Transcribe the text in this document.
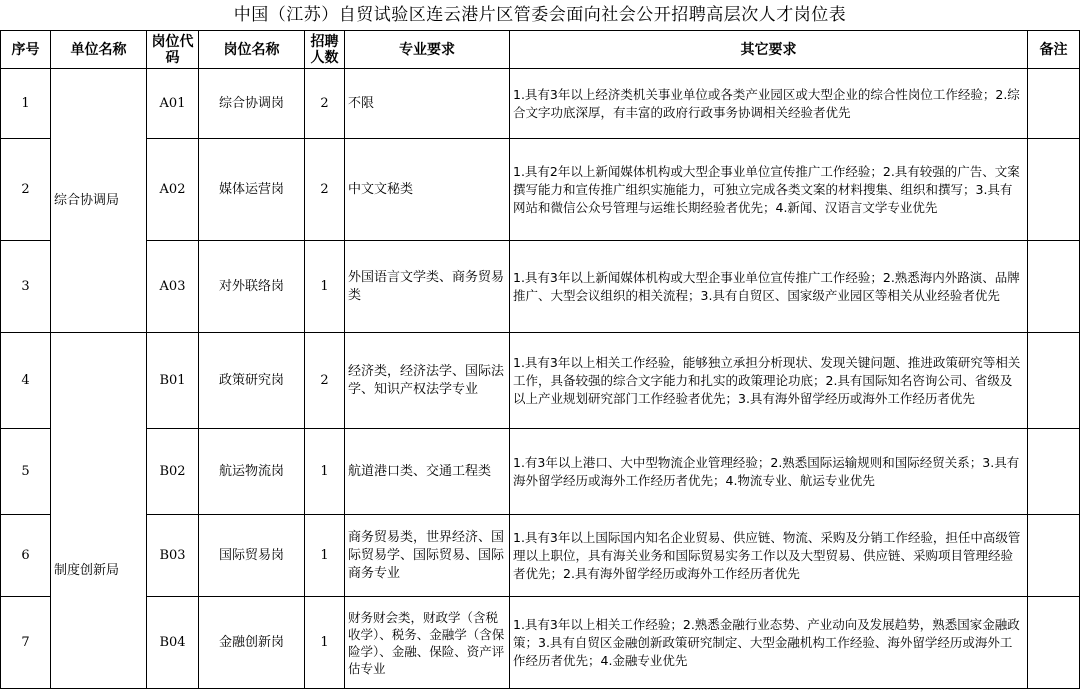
中国（江苏）自贸试验区连云港片区管委会面向社会公开招聘高层次人才岗位表
序号	单位名称	岗位代码	岗位名称	招聘人数	专业要求	其它要求	备注
1	综合协调局	A01	综合协调岗	2	不限	1.具有3年以上经济类机关事业单位或各类产业园区或大型企业的综合性岗位工作经验；2.综合文字功底深厚，有丰富的政府行政事务协调相关经验者优先	
2		A02	媒体运营岗	2	中文文秘类	1.具有2年以上新闻媒体机构或大型企事业单位宣传推广工作经验；2.具有较强的广告、文案撰写能力和宣传推广组织实施能力，可独立完成各类文案的材料搜集、组织和撰写；3.具有网站和微信公众号管理与运维长期经验者优先；4.新闻、汉语言文学专业优先	
3		A03	对外联络岗	1	外国语言文学类、商务贸易类	1.具有3年以上新闻媒体机构或大型企事业单位宣传推广工作经验；2.熟悉海内外路演、品牌推广、大型会议组织的相关流程；3.具有自贸区、国家级产业园区等相关从业经验者优先	
4	制度创新局	B01	政策研究岗	2	经济类，经济法学、国际法学、知识产权法学专业	1.具有3年以上相关工作经验，能够独立承担分析现状、发现关键问题、推进政策研究等相关工作，具备较强的综合文字能力和扎实的政策理论功底；2.具有国际知名咨询公司、省级及以上产业规划研究部门工作经验者优先；3.具有海外留学经历或海外工作经历者优先	
5		B02	航运物流岗	1	航道港口类、交通工程类	1.有3年以上港口、大中型物流企业管理经验；2.熟悉国际运输规则和国际经贸关系；3.具有海外留学经历或海外工作经历者优先；4.物流专业、航运专业优先	
6		B03	国际贸易岗	1	商务贸易类，世界经济、国际贸易学、国际贸易、国际商务专业	1.具有3年以上国际国内知名企业贸易、供应链、物流、采购及分销工作经验，担任中高级管理以上职位，具有海关业务和国际贸易实务工作以及大型贸易、供应链、采购项目管理经验者优先；2.具有海外留学经历或海外工作经历者优先	
7		B04	金融创新岗	1	财务财会类，财政学（含税收学）、税务、金融学（含保险学）、金融、保险、资产评估专业	1.具有3年以上相关工作经验；2.熟悉金融行业态势、产业动向及发展趋势，熟悉国家金融政策；3.具有自贸区金融创新政策研究制定、大型金融机构工作经验、海外留学经历或海外工作经历者优先；4.金融专业优先	
